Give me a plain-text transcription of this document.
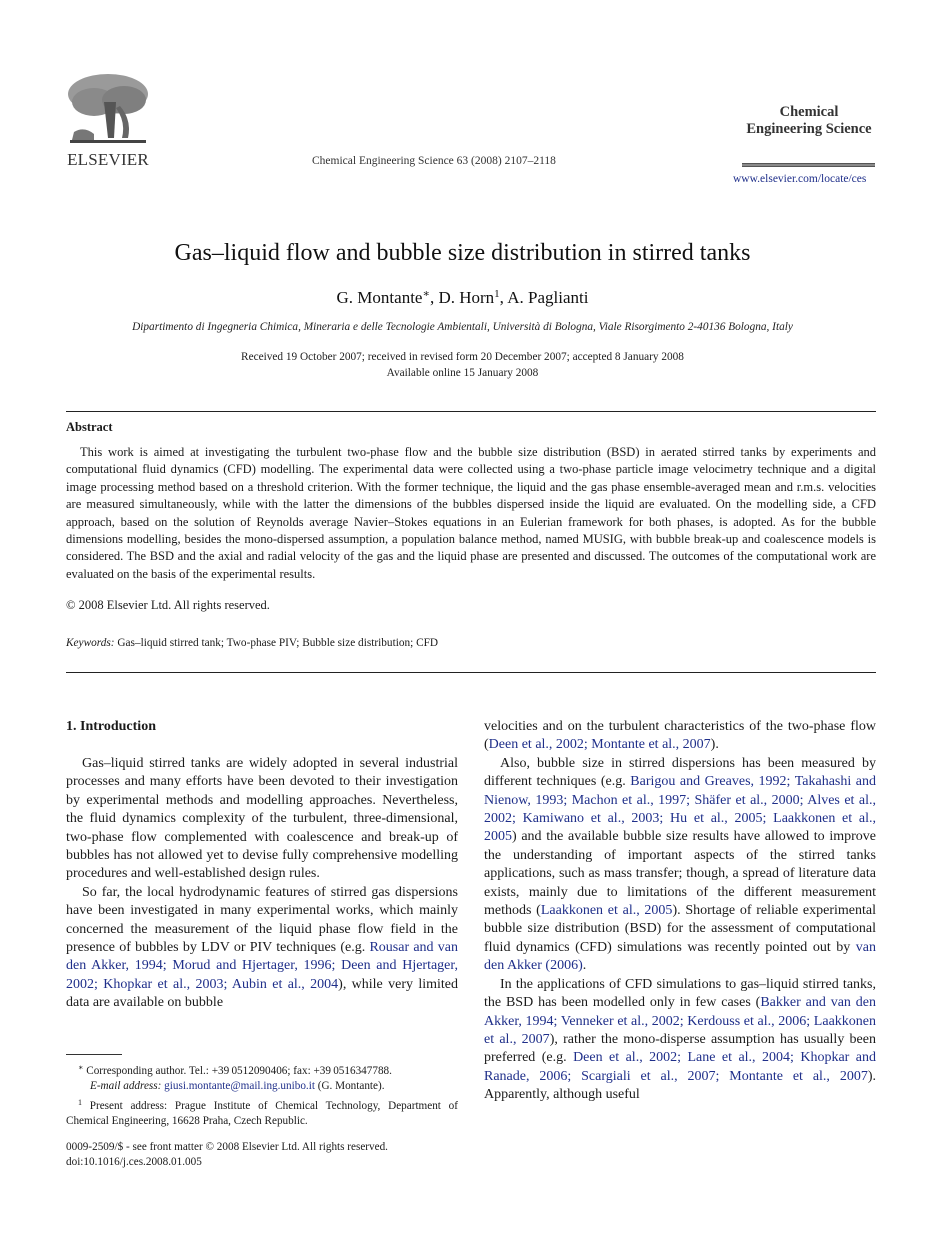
ELSEVIER	Chemical Engineering Science 63 (2008) 2107–2118
Chemical
Engineering Science
www.elsevier.com/locate/ces
Gas–liquid flow and bubble size distribution in stirred tanks
G. Montante∗, D. Horn$^1$, A. Paglianti
Dipartimento di Ingegneria Chimica, Mineraria e delle Tecnologie Ambientali, Università di Bologna, Viale Risorgimento 2-40136 Bologna, Italy
Received 19 October 2007; received in revised form 20 December 2007; accepted 8 January 2008
Available online 15 January 2008
Abstract
This work is aimed at investigating the turbulent two-phase flow and the bubble size distribution (BSD) in aerated stirred tanks by experiments and computational fluid dynamics (CFD) modelling. The experimental data were collected using a two-phase particle image velocimetry technique and a digital image processing method based on a threshold criterion. With the former technique, the liquid and the gas phase ensemble-averaged mean and r.m.s. velocities are measured simultaneously, while with the latter the dimensions of the bubbles dispersed inside the liquid are evaluated. On the modelling side, a CFD approach, based on the solution of Reynolds average Navier–Stokes equations in an Eulerian framework for both phases, is adopted. As for the bubble dimensions modelling, besides the mono-dispersed assumption, a population balance method, named MUSIG, with bubble break-up and coalescence models is considered. The BSD and the axial and radial velocity of the gas and the liquid phase are presented and discussed. The outcomes of the computational work are evaluated on the basis of the experimental results.
© 2008 Elsevier Ltd. All rights reserved.
Keywords: Gas–liquid stirred tank; Two-phase PIV; Bubble size distribution; CFD
1. Introduction

Gas–liquid stirred tanks are widely adopted in several industrial processes and many efforts have been devoted to their investigation by experimental methods and modelling approaches. Nevertheless, the fluid dynamics complexity of the turbulent, three-dimensional, two-phase flow complemented with coalescence and break-up of bubbles has not allowed yet to devise fully comprehensive modelling procedures and well-established design rules.

So far, the local hydrodynamic features of stirred gas dispersions have been investigated in many experimental works, which mainly concerned the measurement of the liquid phase flow field in the presence of bubbles by LDV or PIV techniques (e.g. Rousar and van den Akker, 1994; Morud and Hjertager, 1996; Deen and Hjertager, 2002; Khopkar et al., 2003; Aubin et al., 2004), while very limited data are available on bubble

velocities and on the turbulent characteristics of the two-phase flow (Deen et al., 2002; Montante et al., 2007).

Also, bubble size in stirred dispersions has been measured by different techniques (e.g. Barigou and Greaves, 1992; Takahashi and Nienow, 1993; Machon et al., 1997; Shäfer et al., 2000; Alves et al., 2002; Kamiwano et al., 2003; Hu et al., 2005; Laakkonen et al., 2005) and the available bubble size results have allowed to improve the understanding of important aspects of the stirred tanks applications, such as mass transfer; though, a spread of literature data exists, mainly due to limitations of the different measurement methods (Laakkonen et al., 2005). Shortage of reliable experimental bubble size distribution (BSD) for the assessment of computational fluid dynamics (CFD) simulations was recently pointed out by van den Akker (2006).

In the applications of CFD simulations to gas–liquid stirred tanks, the BSD has been modelled only in few cases (Bakker and van den Akker, 1994; Venneker et al., 2002; Kerdouss et al., 2006; Laakkonen et al., 2007), rather the mono-disperse assumption has usually been preferred (e.g. Deen et al., 2002; Lane et al., 2004; Khopkar and Ranade, 2006; Scargiali et al., 2007; Montante et al., 2007). Apparently, although useful

∗ Corresponding author. Tel.: +39 0512090406; fax: +39 0516347788.

E-mail address: giusi.montante@mail.ing.unibo.it (G. Montante).

$^1$ Present address: Prague Institute of Chemical Technology, Department of Chemical Engineering, 16628 Praha, Czech Republic.

0009-2509/$ - see front matter © 2008 Elsevier Ltd. All rights reserved.
doi:10.1016/j.ces.2008.01.005
